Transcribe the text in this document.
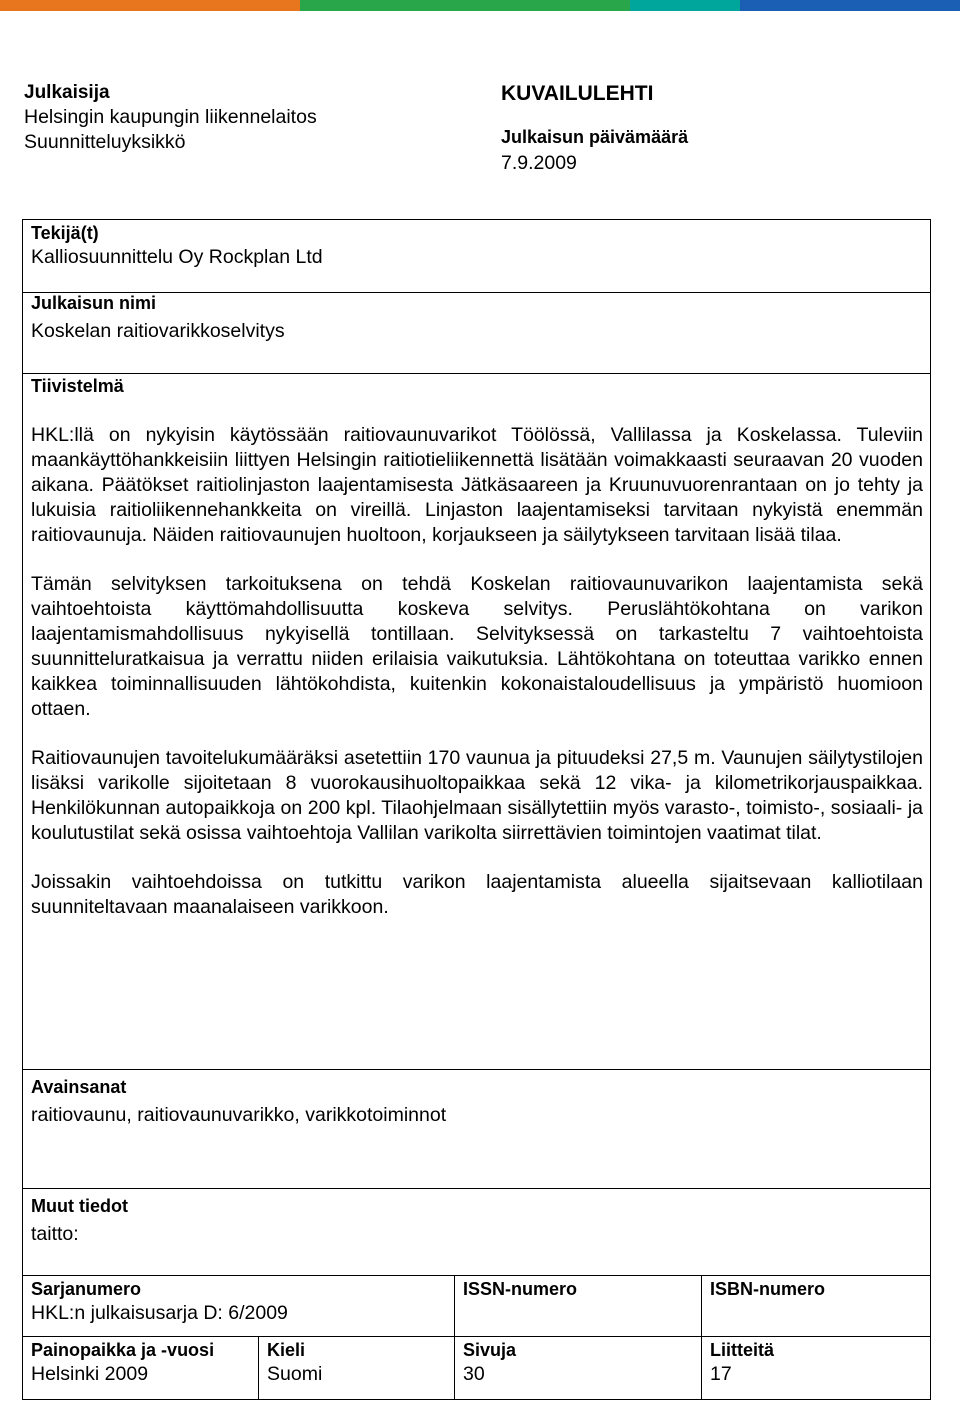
Julkaisija
Helsingin kaupungin liikennelaitos
Suunnitteluyksikkö
KUVAILULEHTI
Julkaisun päivämäärä
7.9.2009
Tekijä(t)
Kalliosuunnittelu Oy Rockplan Ltd
Julkaisun nimi
Koskelan raitiovarikkoselvitys
Tiivistelmä

HKL:llä on nykyisin käytössään raitiovaunuvarikot Töölössä, Vallilassa ja Koskelassa. Tuleviin maankäyttöhankkeisiin liittyen Helsingin raitiotieliikennettä lisätään voimakkaasti seuraavan 20 vuoden aikana. Päätökset raitiolinjaston laajentamisesta Jätkäsaareen ja Kruunuvuorenrantaan on jo tehty ja lukuisia raitioliikennehankkeita on vireillä. Linjaston laajentamiseksi tarvitaan nykyistä enemmän raitiovaunuja. Näiden raitiovaunujen huoltoon, korjaukseen ja säilytykseen tarvitaan lisää tilaa.

Tämän selvityksen tarkoituksena on tehdä Koskelan raitiovaunuvarikon laajentamista sekä vaihtoehtoista käyttömahdollisuutta koskeva selvitys. Peruslähtökohtana on varikon laajentamismahdollisuus nykyisellä tontillaan. Selvityksessä on tarkasteltu 7 vaihtoehtoista suunnitteluratkaisua ja verrattu niiden erilaisia vaikutuksia. Lähtökohtana on toteuttaa varikko ennen kaikkea toiminnallisuuden lähtökohdista, kuitenkin kokonaistaloudellisuus ja ympäristö huomioon ottaen.

Raitiovaunujen tavoitelukumääräksi asetettiin 170 vaunua ja pituudeksi 27,5 m. Vaunujen säilytystilojen lisäksi varikolle sijoitetaan 8 vuorokausihuoltopaikkaa sekä 12 vika- ja kilometrikorjauspaikkaa. Henkilökunnan autopaikkoja on 200 kpl. Tilaohjelmaan sisällytettiin myös varasto-, toimisto-, sosiaali- ja koulutustilat sekä osissa vaihtoehtoja Vallilan varikolta siirrettävien toimintojen vaatimat tilat.

Joissakin vaihtoehdoissa on tutkittu varikon laajentamista alueella sijaitsevaan kalliotilaan suunniteltavaan maanalaiseen varikkoon.

Avainsanat
raitiovaunu, raitiovaunuvarikko, varikkotoiminnot
Muut tiedot
taitto:
Sarjanumero
HKL:n julkaisusarja D: 6/2009
ISSN-numero	ISBN-numero
Painopaikka ja -vuosi
Helsinki 2009
Kieli
Suomi
Sivuja
30
Liitteitä
17
